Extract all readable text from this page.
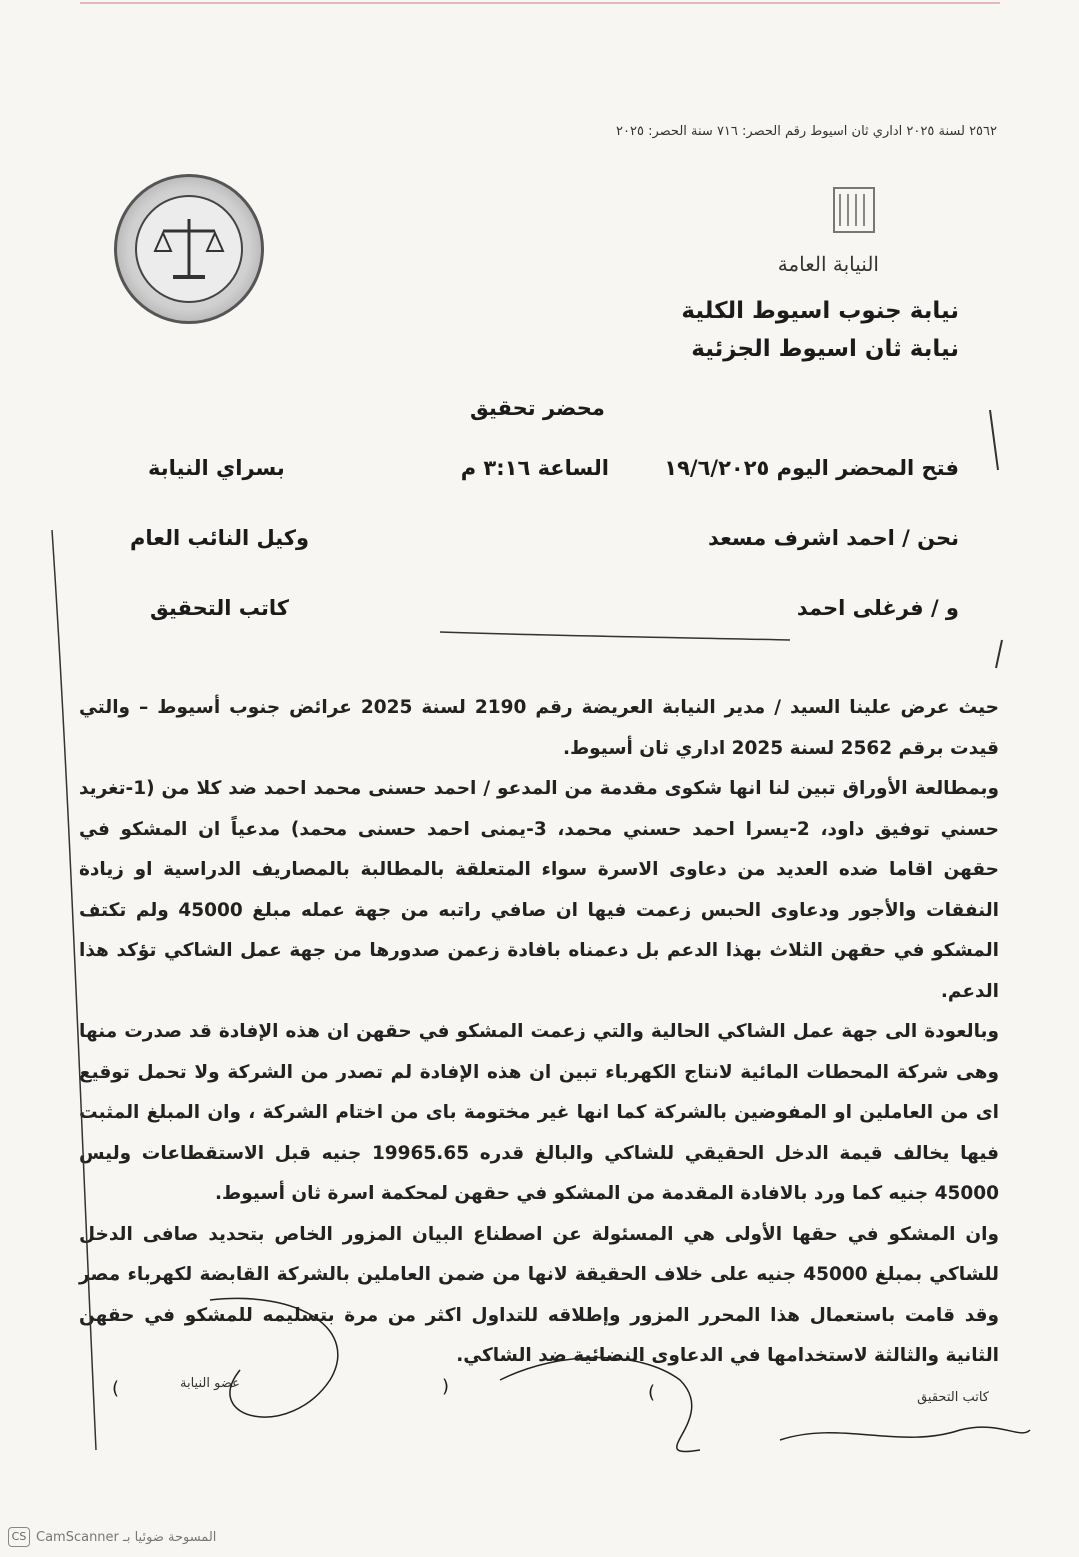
٢٥٦٢ لسنة ٢٠٢٥ اداري ثان اسيوط رقم الحصر: ٧١٦ سنة الحصر: ٢٠٢٥
النيابة العامة
نيابة جنوب اسيوط الكلية
نيابة ثان اسيوط الجزئية
محضر تحقيق
فتح المحضر اليوم ١٩/٦/٢٠٢٥
الساعة ٣:١٦ م
بسراي النيابة
نحن / احمد اشرف مسعد
وكيل النائب العام
و / فرغلى احمد
كاتب التحقيق

حيث عرض علينا السيد / مدير النيابة العريضة رقم 2190 لسنة 2025 عرائض جنوب أسيوط – والتي قيدت برقم 2562 لسنة 2025 اداري ثان أسيوط.

وبمطالعة الأوراق تبين لنا انها شكوى مقدمة من المدعو / احمد حسنى محمد احمد ضد كلا من (1-تغريد حسني توفيق داود، 2-يسرا احمد حسني محمد، 3-يمنى احمد حسنى محمد) مدعياً ان المشكو في حقهن اقاما ضده العديد من دعاوى الاسرة سواء المتعلقة بالمطالبة بالمصاريف الدراسية او زيادة النفقات والأجور ودعاوى الحبس زعمت فيها ان صافي راتبه من جهة عمله مبلغ 45000 ولم تكتف المشكو في حقهن الثلاث بهذا الدعم بل دعمناه بافادة زعمن صدورها من جهة عمل الشاكي تؤكد هذا الدعم.

وبالعودة الى جهة عمل الشاكي الحالية والتي زعمت المشكو في حقهن ان هذه الإفادة قد صدرت منها وهى شركة المحطات المائية لانتاج الكهرباء تبين ان هذه الإفادة لم تصدر من الشركة ولا تحمل توقيع اى من العاملين او المفوضين بالشركة كما انها غير مختومة باى من اختام الشركة ، وان المبلغ المثبت فيها يخالف قيمة الدخل الحقيقي للشاكي والبالغ قدره 19965.65 جنيه قبل الاستقطاعات وليس 45000 جنيه كما ورد بالافادة المقدمة من المشكو في حقهن لمحكمة اسرة ثان أسيوط.

وان المشكو في حقها الأولى هي المسئولة عن اصطناع البيان المزور الخاص بتحديد صافى الدخل للشاكي بمبلغ 45000 جنيه على خلاف الحقيقة لانها من ضمن العاملين بالشركة القابضة لكهرباء مصر وقد قامت باستعمال هذا المحرر المزور وإطلاقه للتداول اكثر من مرة بتسليمه للمشكو في حقهن الثانية والثالثة لاستخدامها في الدعاوى النضائية ضد الشاكي.

عضو النيابة
كاتب التحقيق
)	(
(
CS المسوحة ضوئيا بـ CamScanner
